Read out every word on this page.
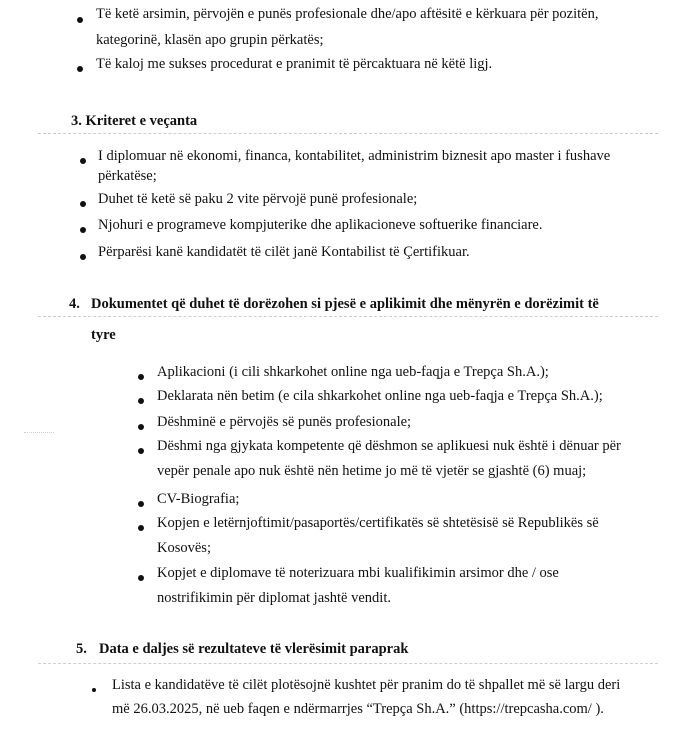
Të ketë arsimin, përvojën e punës profesionale dhe/apo aftësitë e kërkuara për pozitën,
kategorinë, klasën apo grupin përkatës;
Të kaloj me sukses procedurat e pranimit të përcaktuara në këtë ligj.
3. Kriteret e veçanta
I diplomuar në ekonomi, financa, kontabilitet, administrim biznesit apo master i fushave
përkatëse;
Duhet të ketë së paku 2 vite përvojë punë profesionale;
Njohuri e programeve kompjuterike dhe aplikacioneve softuerike financiare.
Përparësi kanë kandidatët të cilët janë Kontabilist të Çertifikuar.
4. Dokumentet që duhet të dorëzohen si pjesë e aplikimit dhe mënyrën e dorëzimit të
tyre
Aplikacioni (i cili shkarkohet online nga ueb-faqja e Trepça Sh.A.);
Deklarata nën betim (e cila shkarkohet online nga ueb-faqja e Trepça Sh.A.);
Dëshminë e përvojës së punës profesionale;
Dëshmi nga gjykata kompetente që dëshmon se aplikuesi nuk është i dënuar për
vepër penale apo nuk është nën hetime jo më të vjetër se gjashtë (6) muaj;
CV-Biografia;
Kopjen e letërnjoftimit/pasaportës/certifikatës së shtetësisë së Republikës së
Kosovës;
Kopjet e diplomave të noterizuara mbi kualifikimin arsimor dhe / ose
nostrifikimin për diplomat jashtë vendit.
5. Data e daljes së rezultateve të vlerësimit paraprak
Lista e kandidatëve të cilët plotësojnë kushtet për pranim do të shpallet më së largu deri
më 26.03.2025, në ueb faqen e ndërmarrjes “Trepça Sh.A.” (https://trepcasha.com/ ).
